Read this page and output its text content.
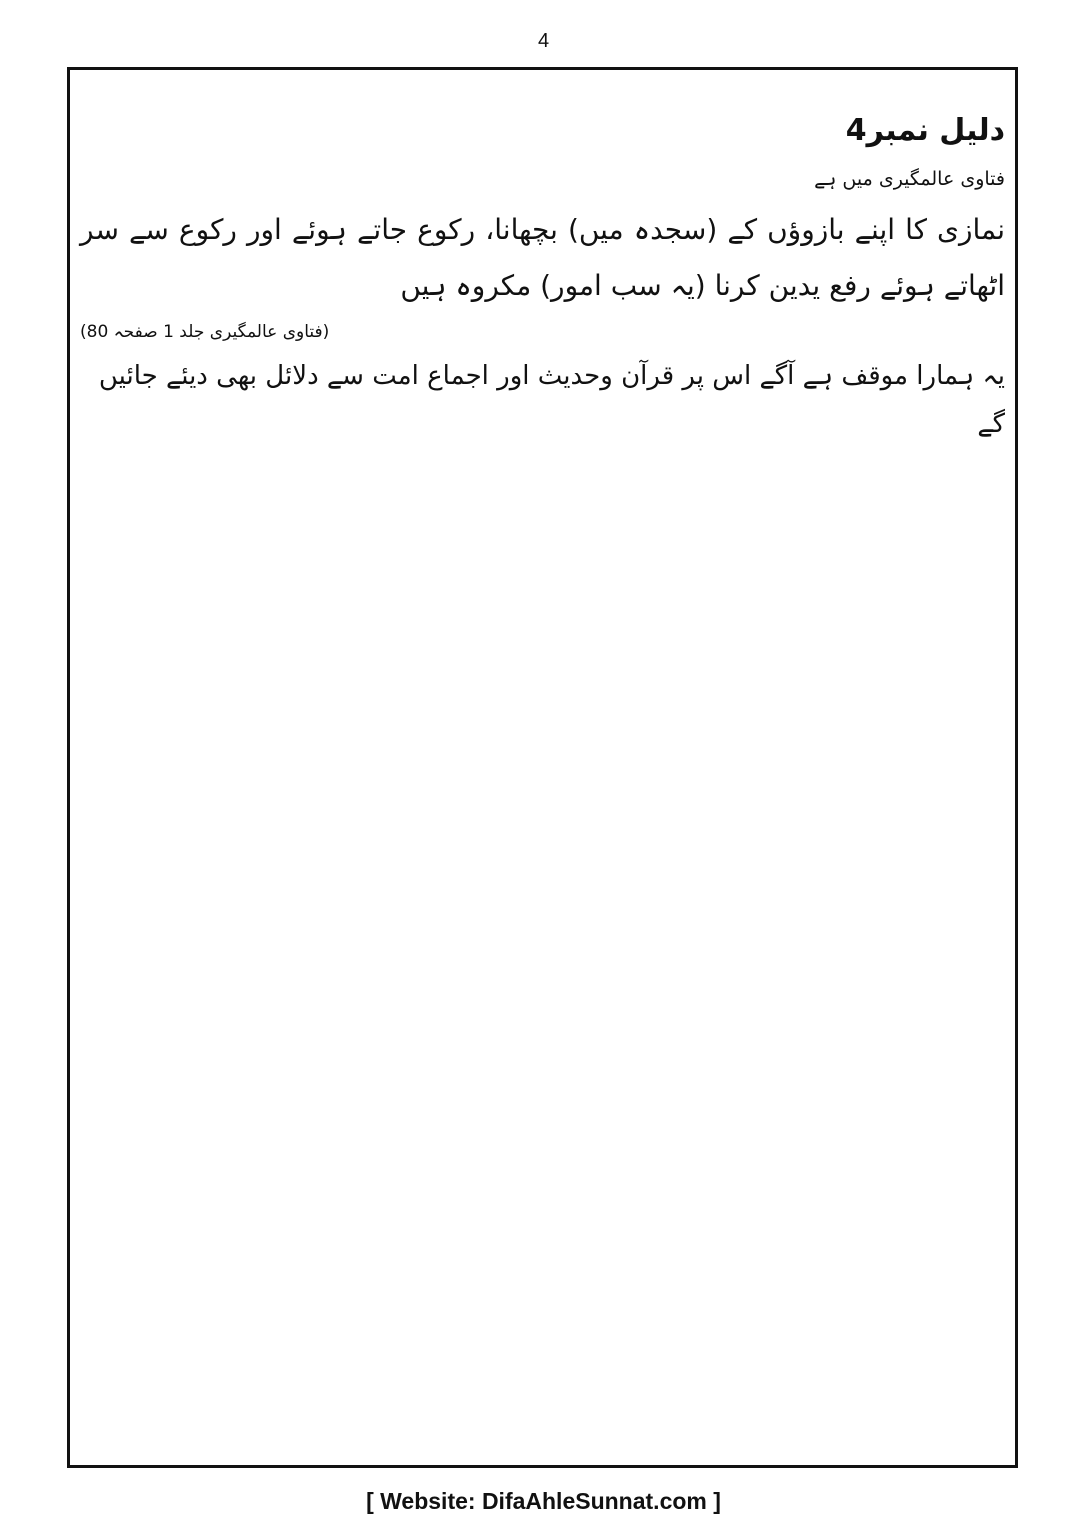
4
دلیل نمبر4
فتاوی عالمگیری میں ہے
نمازی کا اپنے بازوؤں کے (سجدہ میں) بچھانا، رکوع جاتے ہوئے اور رکوع سے سر اٹھاتے ہوئے رفع یدین کرنا (یہ سب امور) مکروہ ہیں
(فتاوی عالمگیری جلد 1 صفحہ 80)
یہ ہمارا موقف ہے آگے اس پر قرآن وحدیث اور اجماع امت سے دلائل بھی دیئے جائیں گے
[ Website: DifaAhleSunnat.com ]
